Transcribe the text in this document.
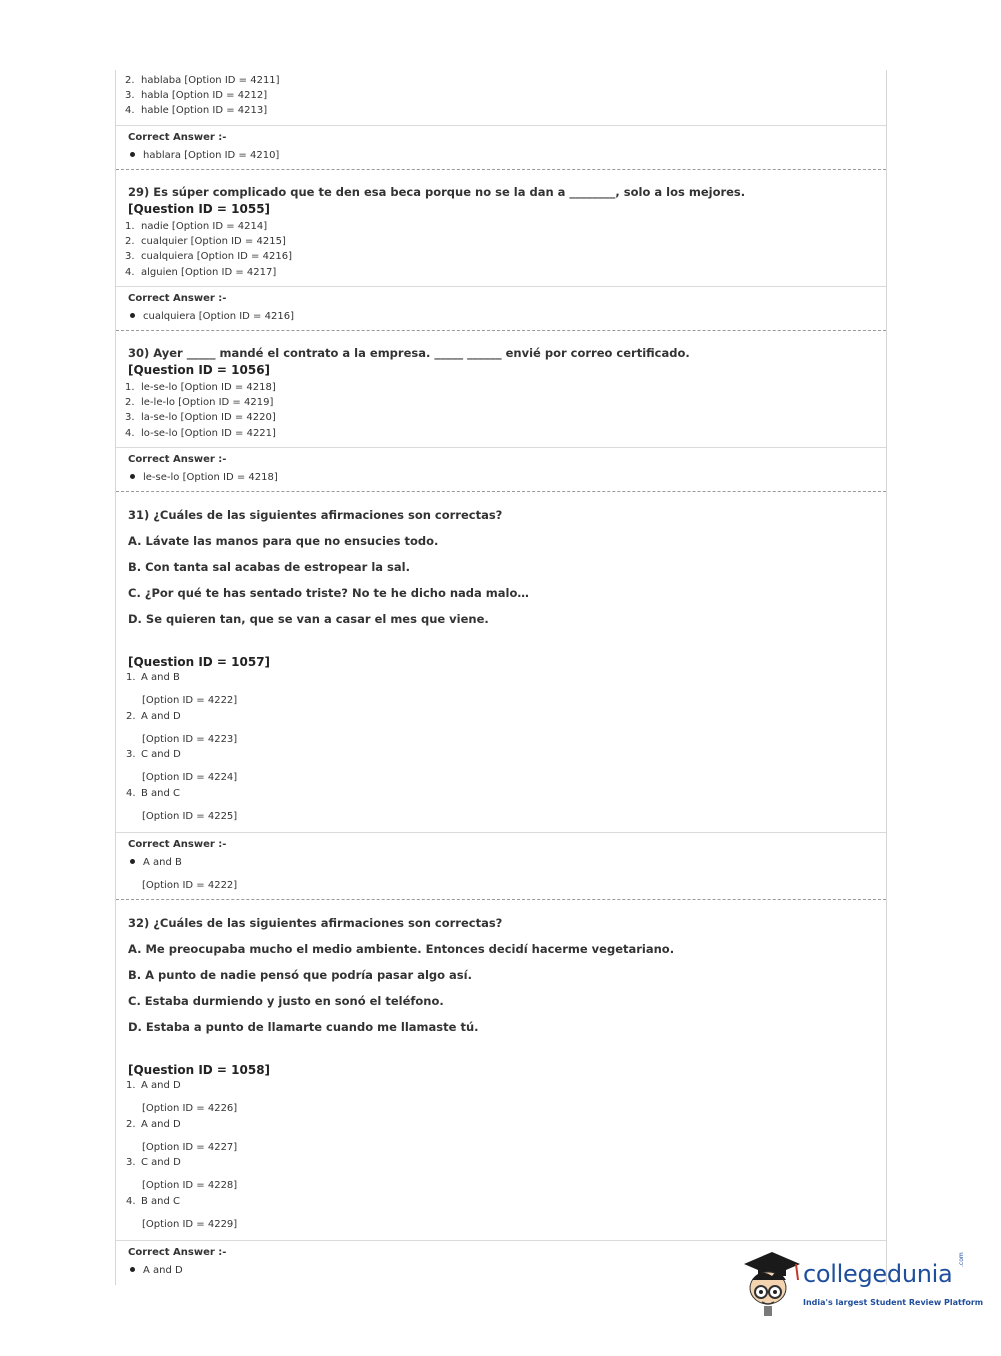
2. hablaba [Option ID = 4211]
3. habla [Option ID = 4212]
4. hable [Option ID = 4213]
Correct Answer :-
hablara [Option ID = 4210]
29) Es súper complicado que te den esa beca porque no se la dan a ________, solo a los mejores.
[Question ID = 1055]
1. nadie [Option ID = 4214]
2. cualquier [Option ID = 4215]
3. cualquiera [Option ID = 4216]
4. alguien [Option ID = 4217]
Correct Answer :-
cualquiera [Option ID = 4216]
30) Ayer _____ mandé el contrato a la empresa. _____ ______ envié por correo certificado.
[Question ID = 1056]
1. le-se-lo [Option ID = 4218]
2. le-le-lo [Option ID = 4219]
3. la-se-lo [Option ID = 4220]
4. lo-se-lo [Option ID = 4221]
Correct Answer :-
le-se-lo [Option ID = 4218]
31) ¿Cuáles de las siguientes afirmaciones son correctas?
A. Lávate las manos para que no ensucies todo.
B. Con tanta sal acabas de estropear la sal.
C. ¿Por qué te has sentado triste? No te he dicho nada malo…
D. Se quieren tan, que se van a casar el mes que viene.
[Question ID = 1057]
1. A and B
[Option ID = 4222]
2. A and D
[Option ID = 4223]
3. C and D
[Option ID = 4224]
4. B and C
[Option ID = 4225]
Correct Answer :-
A and B
[Option ID = 4222]
32) ¿Cuáles de las siguientes afirmaciones son correctas?
A. Me preocupaba mucho el medio ambiente. Entonces decidí hacerme vegetariano.
B. A punto de nadie pensó que podría pasar algo así.
C. Estaba durmiendo y justo en sonó el teléfono.
D. Estaba a punto de llamarte cuando me llamaste tú.
[Question ID = 1058]
1. A and D
[Option ID = 4226]
2. A and D
[Option ID = 4227]
3. C and D
[Option ID = 4228]
4. B and C
[Option ID = 4229]
Correct Answer :-
A and D	collegedunia
.com
India's largest Student Review Platform
